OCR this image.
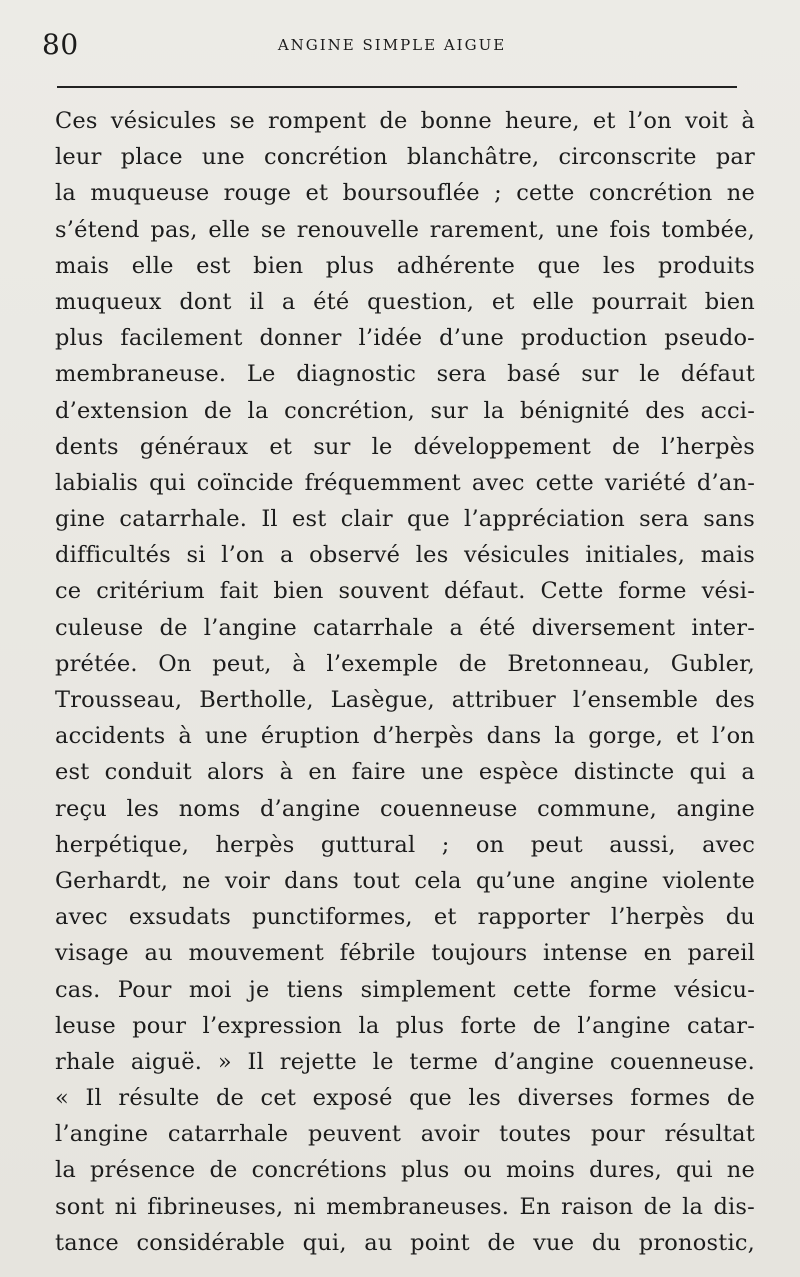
80	ANGINE SIMPLE AIGUE
Ces vésicules se rompent de bonne heure, et l’on voit à
leur place une concrétion blanchâtre, circonscrite par
la muqueuse rouge et boursouflée ; cette concrétion ne
s’étend pas, elle se renouvelle rarement, une fois tombée,
mais elle est bien plus adhérente que les produits
muqueux dont il a été question, et elle pourrait bien
plus facilement donner l’idée d’une production pseudo-
membraneuse. Le diagnostic sera basé sur le défaut
d’extension de la concrétion, sur la bénignité des acci-
dents généraux et sur le développement de l’herpès
labialis qui coïncide fréquemment avec cette variété d’an-
gine catarrhale. Il est clair que l’appréciation sera sans
difficultés si l’on a observé les vésicules initiales, mais
ce critérium fait bien souvent défaut. Cette forme vési-
culeuse de l’angine catarrhale a été diversement inter-
prétée. On peut, à l’exemple de Bretonneau, Gubler,
Trousseau, Bertholle, Lasègue, attribuer l’ensemble des
accidents à une éruption d’herpès dans la gorge, et l’on
est conduit alors à en faire une espèce distincte qui a
reçu les noms d’angine couenneuse commune, angine
herpétique, herpès guttural ; on peut aussi, avec
Gerhardt, ne voir dans tout cela qu’une angine violente
avec exsudats punctiformes, et rapporter l’herpès du
visage au mouvement fébrile toujours intense en pareil
cas. Pour moi je tiens simplement cette forme vésicu-
leuse pour l’expression la plus forte de l’angine catar-
rhale aiguë. » Il rejette le terme d’angine couenneuse.
« Il résulte de cet exposé que les diverses formes de
l’angine catarrhale peuvent avoir toutes pour résultat
la présence de concrétions plus ou moins dures, qui ne
sont ni fibrineuses, ni membraneuses. En raison de la dis-
tance considérable qui, au point de vue du pronostic,
